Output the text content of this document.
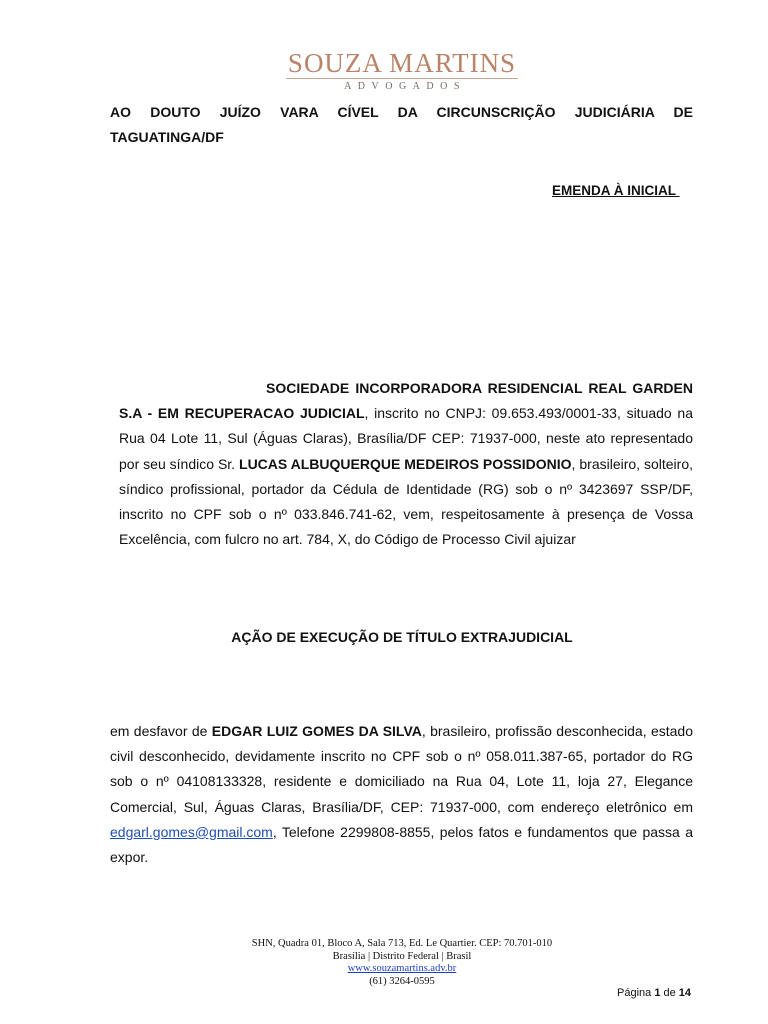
SOUZA MARTINS
ADVOGADOS
AO DOUTO JUÍZO VARA CÍVEL DA CIRCUNSCRIÇÃO JUDICIÁRIA DE TAGUATINGA/DF
EMENDA À INICIAL
SOCIEDADE INCORPORADORA RESIDENCIAL REAL GARDEN S.A - EM RECUPERACAO JUDICIAL, inscrito no CNPJ: 09.653.493/0001-33, situado na Rua 04 Lote 11, Sul (Águas Claras), Brasília/DF CEP: 71937-000, neste ato representado por seu síndico Sr. LUCAS ALBUQUERQUE MEDEIROS POSSIDONIO, brasileiro, solteiro, síndico profissional, portador da Cédula de Identidade (RG) sob o nº 3423697 SSP/DF, inscrito no CPF sob o nº 033.846.741-62, vem, respeitosamente à presença de Vossa Excelência, com fulcro no art. 784, X, do Código de Processo Civil ajuizar
AÇÃO DE EXECUÇÃO DE TÍTULO EXTRAJUDICIAL
em desfavor de EDGAR LUIZ GOMES DA SILVA, brasileiro, profissão desconhecida, estado civil desconhecido, devidamente inscrito no CPF sob o nº 058.011.387-65, portador do RG sob o nº 04108133328, residente e domiciliado na Rua 04, Lote 11, loja 27, Elegance Comercial, Sul, Águas Claras, Brasília/DF, CEP: 71937-000, com endereço eletrônico em edgarl.gomes@gmail.com, Telefone 2299808-8855, pelos fatos e fundamentos que passa a expor.
SHN, Quadra 01, Bloco A, Sala 713, Ed. Le Quartier. CEP: 70.701-010
Brasília | Distrito Federal | Brasil
www.souzamartins.adv.br
(61) 3264-0595
Página 1 de 14
